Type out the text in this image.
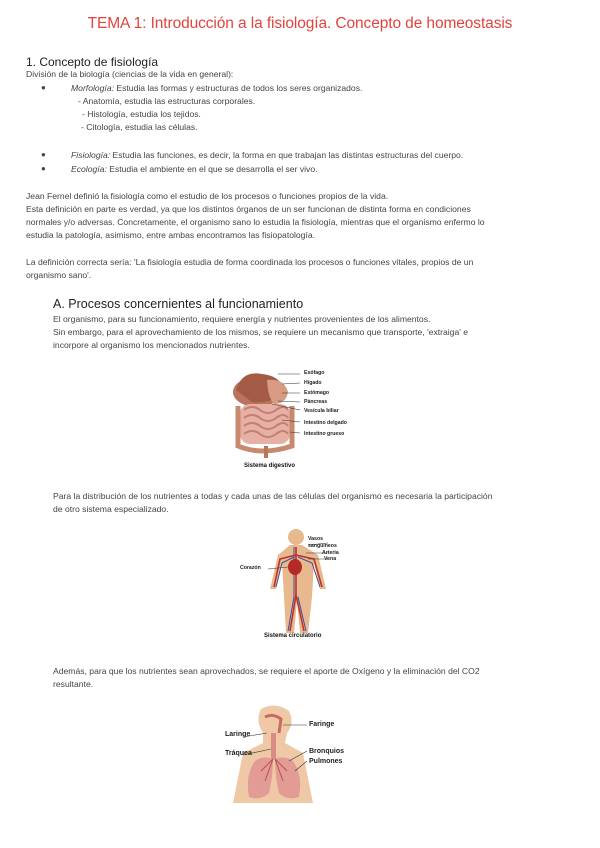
TEMA 1: Introducción a la fisiología. Concepto de homeostasis
1. Concepto de fisiología
División de la biología (ciencias de la vida en general):
●	Morfología: Estudia las formas y estructuras de todos los seres organizados.
- Anatomía, estudia las estructuras corporales.
- Histología, estudia los tejidos.
- Citología, estudia las células.
●	Fisiología: Estudia las funciones, es decir, la forma en que trabajan las distintas estructuras del cuerpo.
●	Ecología: Estudia el ambiente en el que se desarrolla el ser vivo.
Jean Fernel definió la fisiología como el estudio de los procesos o funciones propios de la vida.
Esta definición en parte es verdad, ya que los distintos órganos de un ser funcionan de distinta forma en condiciones
normales y/o adversas. Concretamente, el organismo sano lo estudia la fisiología, mientras que el organismo enfermo lo
estudia la patología, asimismo, entre ambas encontramos las fisiopatología.
La definición correcta sería: 'La fisiología estudia de forma coordinada los procesos o funciones vitales, propios de un
organismo sano'.
A. Procesos concernientes al funcionamiento
El organismo, para su funcionamiento, requiere energía y nutrientes provenientes de los alimentos.
Sin embargo, para el aprovechamiento de los mismos, se requiere un mecanismo que transporte, 'extraiga' e
incorpore al organismo los mencionados nutrientes.
Esófago
Hígado
Estómago
Páncreas
Vesícula biliar
Intestino delgado
Intestino grueso
Sistema digestivo
Para la distribución de los nutrientes a todas y cada unas de las células del organismo es necesaria la participación
de otro sistema especializado.
Vasos
sanguíneos
Arteria
Vena
Corazón
Sistema circulatorio
Además, para que los nutrientes sean aprovechados, se requiere el aporte de Oxígeno y la eliminación del CO2
resultante.
Laringe
Tráquea
Faringe
Bronquios
Pulmones
